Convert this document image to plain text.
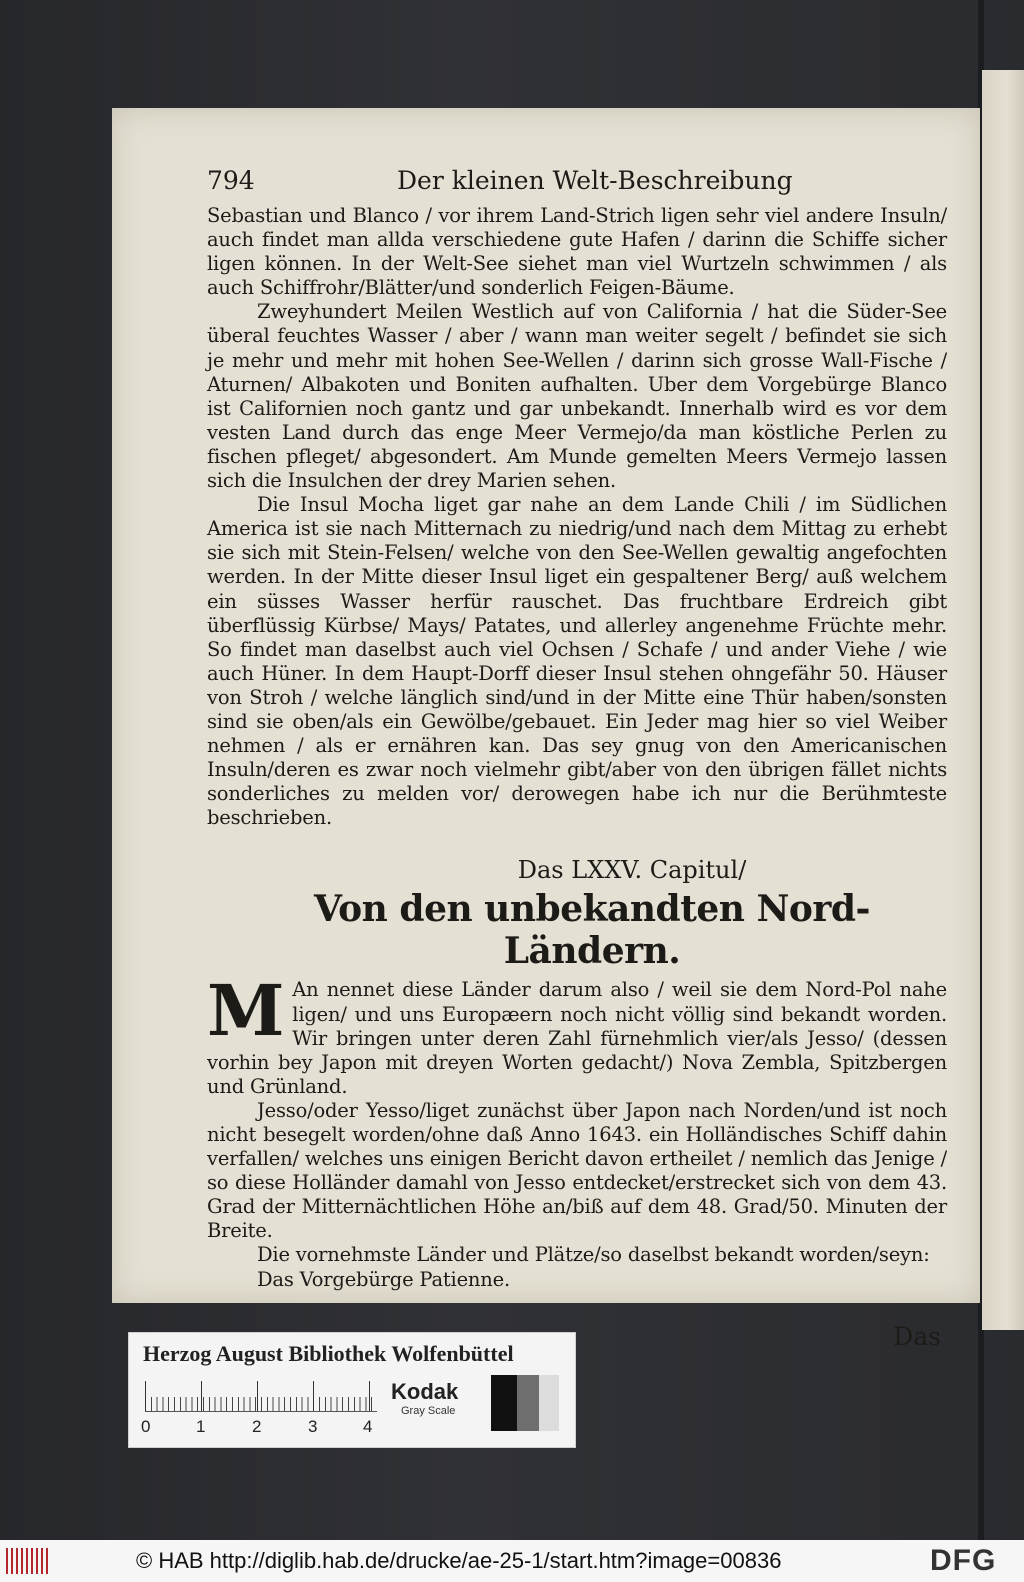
794	Der kleinen Welt-Beschreibung

Sebastian und Blanco / vor ihrem Land-Strich ligen sehr viel andere Insuln/ auch findet man allda verschiedene gute Hafen / darinn die Schiffe sicher ligen können. In der Welt-See siehet man viel Wurtzeln schwimmen / als auch Schiffrohr/Blätter/und sonderlich Feigen-Bäume.

Zweyhundert Meilen Westlich auf von California / hat die Süder-See überal feuchtes Wasser / aber / wann man weiter segelt / befindet sie sich je mehr und mehr mit hohen See-Wellen / darinn sich grosse Wall-Fische / Aturnen/ Albakoten und Boniten aufhalten. Uber dem Vorgebürge Blanco ist Californien noch gantz und gar unbekandt. Innerhalb wird es vor dem vesten Land durch das enge Meer Vermejo/da man köstliche Perlen zu fischen pfleget/ abgesondert. Am Munde gemelten Meers Vermejo lassen sich die Insulchen der drey Marien sehen.

Die Insul Mocha liget gar nahe an dem Lande Chili / im Südlichen America ist sie nach Mitternach zu niedrig/und nach dem Mittag zu erhebt sie sich mit Stein-Felsen/ welche von den See-Wellen gewaltig angefochten werden. In der Mitte dieser Insul liget ein gespaltener Berg/ auß welchem ein süsses Wasser herfür rauschet. Das fruchtbare Erdreich gibt überflüssig Kürbse/ Mays/ Patates, und allerley angenehme Früchte mehr. So findet man daselbst auch viel Ochsen / Schafe / und ander Viehe / wie auch Hüner. In dem Haupt-Dorff dieser Insul stehen ohngefähr 50. Häuser von Stroh / welche länglich sind/und in der Mitte eine Thür haben/sonsten sind sie oben/als ein Gewölbe/gebauet. Ein Jeder mag hier so viel Weiber nehmen / als er ernähren kan. Das sey gnug von den Americanischen Insuln/deren es zwar noch vielmehr gibt/aber von den übrigen fället nichts sonderliches zu melden vor/ derowegen habe ich nur die Berühmteste beschrieben.

Das LXXV. Capitul/
Von den unbekandten Nord-Ländern.

M An nennet diese Länder darum also / weil sie dem Nord-Pol nahe ligen/ und uns Europæern noch nicht völlig sind bekandt worden. Wir bringen unter deren Zahl fürnehmlich vier/als Jesso/ (dessen vorhin bey Japon mit dreyen Worten gedacht/) Nova Zembla, Spitzbergen und Grünland.

Jesso/oder Yesso/liget zunächst über Japon nach Norden/und ist noch nicht besegelt worden/ohne daß Anno 1643. ein Holländisches Schiff dahin verfallen/ welches uns einigen Bericht davon ertheilet / nemlich das Jenige / so diese Holländer damahl von Jesso entdecket/erstrecket sich von dem 43. Grad der Mitternächtlichen Höhe an/biß auf dem 48. Grad/50. Minuten der Breite.

Die vornehmste Länder und Plätze/so daselbst bekandt worden/seyn:

Das Vorgebürge Patienne.

Das
Herzog August Bibliothek Wolfenbüttel
0	1	2	3	4
Kodak
Gray Scale
© HAB http://diglib.hab.de/drucke/ae-25-1/start.htm?image=00836	DFG
